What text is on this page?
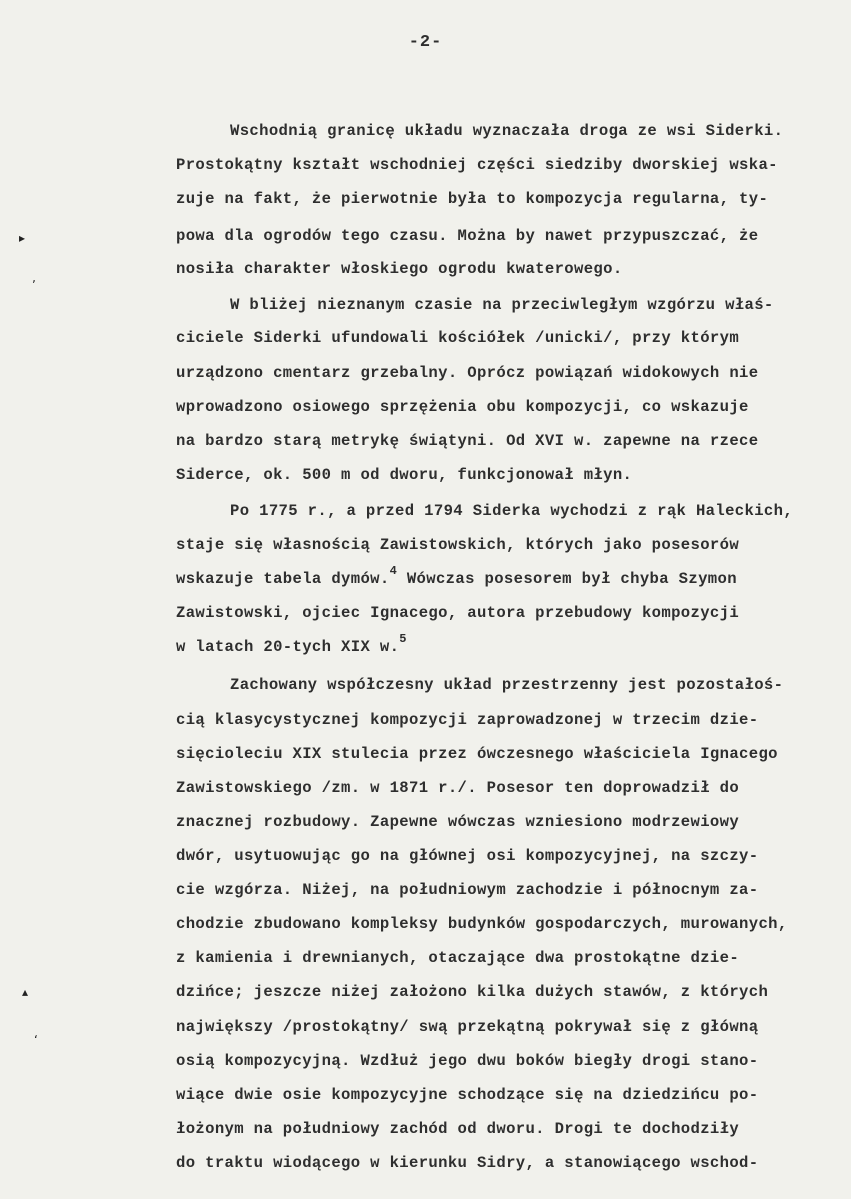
-2-
Wschodnią granicę układu wyznaczała droga ze wsi Siderki.
Prostokątny kształt wschodniej części siedziby dworskiej wska-
zuje na fakt, że pierwotnie była to kompozycja regularna, ty-
powa dla ogrodów tego czasu. Można by nawet przypuszczać, że
nosiła charakter włoskiego ogrodu kwaterowego.
W bliżej nieznanym czasie na przeciwległym wzgórzu właś-
ciciele Siderki ufundowali kościółek /unicki/, przy którym
urządzono cmentarz grzebalny. Oprócz powiązań widokowych nie
wprowadzono osiowego sprzężenia obu kompozycji, co wskazuje
na bardzo starą metrykę świątyni. Od XVI w. zapewne na rzece
Siderce, ok. 500 m od dworu, funkcjonował młyn.
Po 1775 r., a przed 1794 Siderka wychodzi z rąk Haleckich,
staje się własnością Zawistowskich, których jako posesorów
wskazuje tabela dymów.$^4$ Wówczas posesorem był chyba Szymon
Zawistowski, ojciec Ignacego, autora przebudowy kompozycji
w latach 20-tych XIX w.$^5$
Zachowany współczesny układ przestrzenny jest pozostałoś-
cią klasycystycznej kompozycji zaprowadzonej w trzecim dzie-
sięcioleciu XIX stulecia przez ówczesnego właściciela Ignacego
Zawistowskiego /zm. w 1871 r./. Posesor ten doprowadził do
znacznej rozbudowy. Zapewne wówczas wzniesiono modrzewiowy
dwór, usytuowując go na głównej osi kompozycyjnej, na szczy-
cie wzgórza. Niżej, na południowym zachodzie i północnym za-
chodzie zbudowano kompleksy budynków gospodarczych, murowanych,
z kamienia i drewnianych, otaczające dwa prostokątne dzie-
dzińce; jeszcze niżej założono kilka dużych stawów, z których
największy /prostokątny/ swą przekątną pokrywał się z główną
osią kompozycyjną. Wzdłuż jego dwu boków biegły drogi stano-
wiące dwie osie kompozycyjne schodzące się na dziedzińcu po-
łożonym na południowy zachód od dworu. Drogi te dochodziły
do traktu wiodącego w kierunku Sidry, a stanowiącego wschod-
▸
ʼ
▴
ʻ
